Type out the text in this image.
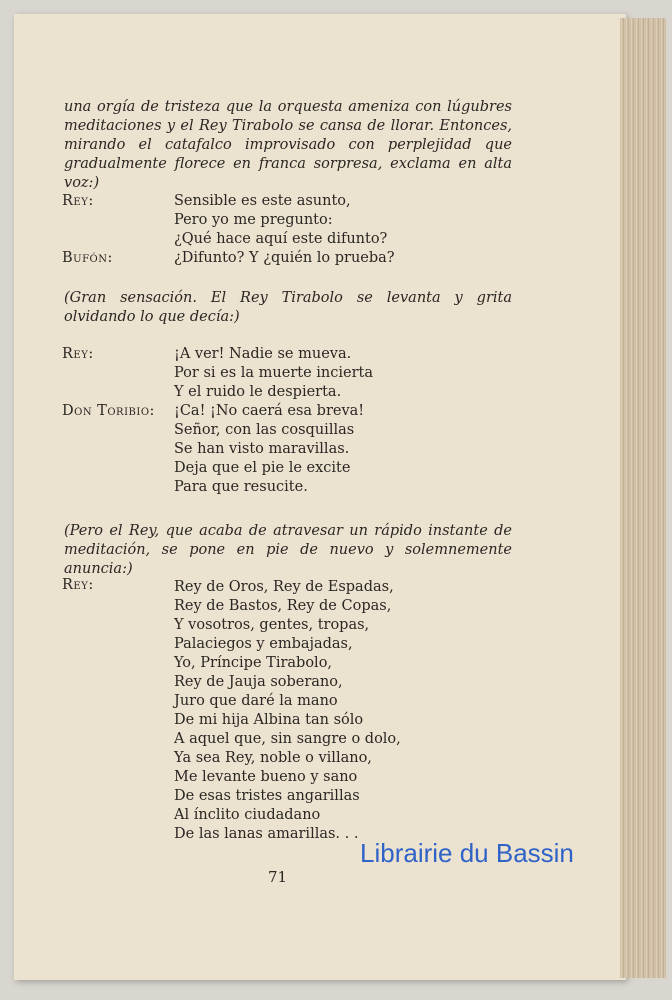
una orgía de tristeza que la orquesta ameniza con lúgubres meditaciones y el Rey Tirabolo se cansa de llorar. Entonces, mirando el catafalco improvisado con perplejidad que gradualmente florece en franca sorpresa, exclama en alta voz:)
Rey:	Sensible es este asunto,
Pero yo me pregunto:
¿Qué hace aquí este difunto?
Bufón:	¿Difunto? Y ¿quién lo prueba?
(Gran sensación. El Rey Tirabolo se levanta y grita olvidando lo que decía:)
Rey:	¡A ver! Nadie se mueva.
Por si es la muerte incierta
Y el ruido le despierta.
Don Toribio: ¡Ca! ¡No caerá esa breva!
Señor, con las cosquillas
Se han visto maravillas.
Deja que el pie le excite
Para que resucite.
(Pero el Rey, que acaba de atravesar un rápido instante de meditación, se pone en pie de nuevo y solemnemente anuncia:)
Rey:	Rey de Oros, Rey de Espadas,
Rey de Bastos, Rey de Copas,
Y vosotros, gentes, tropas,
Palaciegos y embajadas,
Yo, Príncipe Tirabolo,
Rey de Jauja soberano,
Juro que daré la mano
De mi hija Albina tan sólo
A aquel que, sin sangre o dolo,
Ya sea Rey, noble o villano,
Me levante bueno y sano
De esas tristes angarillas
Al ínclito ciudadano
De las lanas amarillas. . .
71
Librairie du Bassin
